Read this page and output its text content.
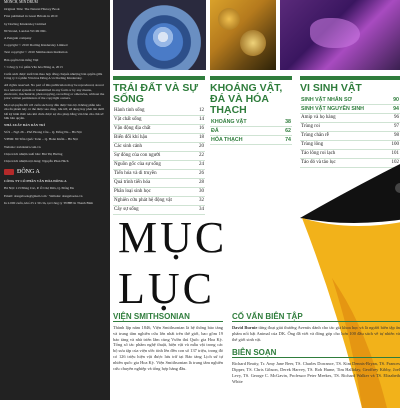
MONCH, MIN DRUM

Original Title: The Natural History Book

First published in Great Britain in 2010

by Dorling Kindersley Limited

80 Strand, London WC2R 0RL

A Penguin company

Copyright © 2010 Dorling Kindersley Limited

Text copyright © 2010 Smithsonian Institution

Bản quyền bản tiếng Việt

© Công ty Cổ phần Văn hóa Đông A, 2013

Cuốn sách được xuất bản theo hợp đồng chuyển nhượng bản quyền giữa Công ty Cổ phần Văn hóa Đông A và Dorling Kindersley.

All rights reserved. No part of this publication may be reproduced, stored in a retrieval system or transmitted in any form or by any means, electronic, mechanical, photocopying, recording or otherwise, without the prior written permission of the copyright owners.

Mọi sự quyền đối với cuốn sách này đều được bảo hộ. Không phần nào của ấn phẩm này có thể được sao chép, lưu trữ, sử dụng hay phát tán dưới bất kỳ hình thức nào khi chưa được sự cho phép bằng văn bản của chủ sở hữu bản quyền.

NHÀ XUẤT BẢN DÂN TRÍ

Số 9 – Ngõ 26 – Phố Hoàng Cầu – Q. Đống Đa – Hà Nội

VPĐD: 80 Trần Quốc Toản – Q. Hoàn Kiếm – Hà Nội

Website: nxbdantri.com.vn

Chịu trách nhiệm xuất bản: Bùi Thị Hương

Chịu trách nhiệm nội dung: Nguyễn Phan Hách

ĐÔNG A

CÔNG TY CỔ PHẦN VĂN HÓA ĐÔNG A

Hà Nội: 113 Đông Các, P. Ô Chợ Dừa, Q. Đống Đa

Email: dongabook@gmail.com · Website: dongabooks.vn

In 2.000 cuốn, khổ 25 x 30 cm, tại Công ty TNHH In Thanh Bình

TRÁI ĐẤT VÀ SỰ SỐNG
Hành tinh sống	12
Vật chất sống	14
Vận động địa chất	16
Biến đổi khí hậu	18
Các sinh cảnh	20
Sự đóng của con người	22
Nguồn gốc của sự sống	24
Tiến hóa và di truyền	26
Quá trình tiến hóa	28
Phân loại sinh học	30
Nghiên cứu phát hệ động vật	32
Cây sự sống	34
KHOÁNG VẬT, ĐÁ VÀ HÓA THẠCH
KHOÁNG VẬT	38
ĐÁ	62
HÓA THẠCH	74
VI SINH VẬT
SINH VẬT NHÂN SƠ	90
SINH VẬT NGUYÊN SINH	94
Amip và họ hàng	96
Trùng roi	97
Trùng chân rễ	98
Trùng lông	100
Tảo lông roi lạch	101
Tảo đỏ và tảo lục	102
MỤC LỤC
VIỆN SMITHSONIAN

Thành lập năm 1846, Viện Smithsonian là hệ thống bảo tàng và trung tâm nghiên cứu lớn nhất trên thế giới, bao gồm 19 bảo tàng và nhà triển lãm cùng Vườn thú Quốc gia Hoa Kỳ. Tổng số tác phẩm nghệ thuật, hiện vật và mẫu vật trong các bộ sưu tập của viện ước tính lên đến con số 137 triệu, trong đó có 126 triệu hiện vật được lưu trữ tại Bảo tàng Lịch sử tự nhiên quốc gia Hoa Kỳ. Viện Smithsonian là trung tâm nghiên cứu chuyên nghiệp và tổng hợp hàng đầu.

CỐ VẤN BIÊN TẬP

David Burnie từng đoạt giải thưởng Aventis dành cho tác giả khoa học và là người biên tập ấn phẩm nổi bật Animal của DK. Ông đã viết và đóng góp cho hơn 100 đầu sách về tự nhiên và thế giới sinh vật.

BIÊN SOẠN

Richard Beatty, Tr. Amy Jane Beer, TS. Charles Dorrance, TS. Kim Dennis-Bryan, TS. Frances Dipper, TS. Chris Gibson, Derek Harvey, TS. Rob Hume, Tim Halliday, Geoffrey Kibby, Joel Levy, TS. George C. McGavin, Professor Peter Meekes, TS. Richard Walker và TS. Elizabeth White
